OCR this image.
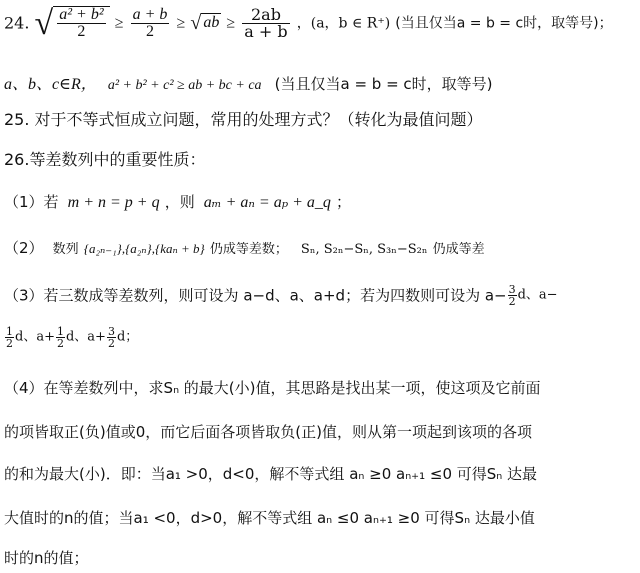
24. √ $\frac{\text{a² + b²}}{2} \ge \frac{a + b}{2}$ ≥ √ ab ≥ $\frac{2ab}{a + b}$ ，(a，b ∈ R⁺) (当且仅当a = b = c时，取等号)；
a、b、c∈R， a² + b² + c² ≥ ab + bc + ca (当且仅当a = b = c时，取等号)
25. 对于不等式恒成立问题，常用的处理方式？（转化为最值问题）
26.等差数列中的重要性质：
（1）若 m + n = p + q ，则 aₘ + aₙ = aₚ + a_q ；
（2） 数列 {a₂ₙ₋₁},{a₂ₙ},{kaₙ + b} 仍成等差数； Sₙ, S₂ₙ−Sₙ, S₃ₙ−S₂ₙ 仍成等差
（3）若三数成等差数列，则可设为 a−d、a、a+d；若为四数则可设为 $a- \frac{3}{2}$ d、a−
$\frac{1}{2}$ d、$a+ \frac{1}{2}$ d、$a+ \frac{3}{2}$ d；
（4）在等差数列中，求Sₙ 的最大(小)值，其思路是找出某一项，使这项及它前面
的项皆取正(负)值或0，而它后面各项皆取负(正)值，则从第一项起到该项的各项
的和为最大(小)．即：当a₁ >0，d<0，解不等式组 aₙ ≥0 aₙ₊₁ ≤0 可得Sₙ 达最
大值时的n的值；当a₁ <0，d>0，解不等式组 aₙ ≤0 aₙ₊₁ ≥0 可得Sₙ 达最小值
时的n的值；
